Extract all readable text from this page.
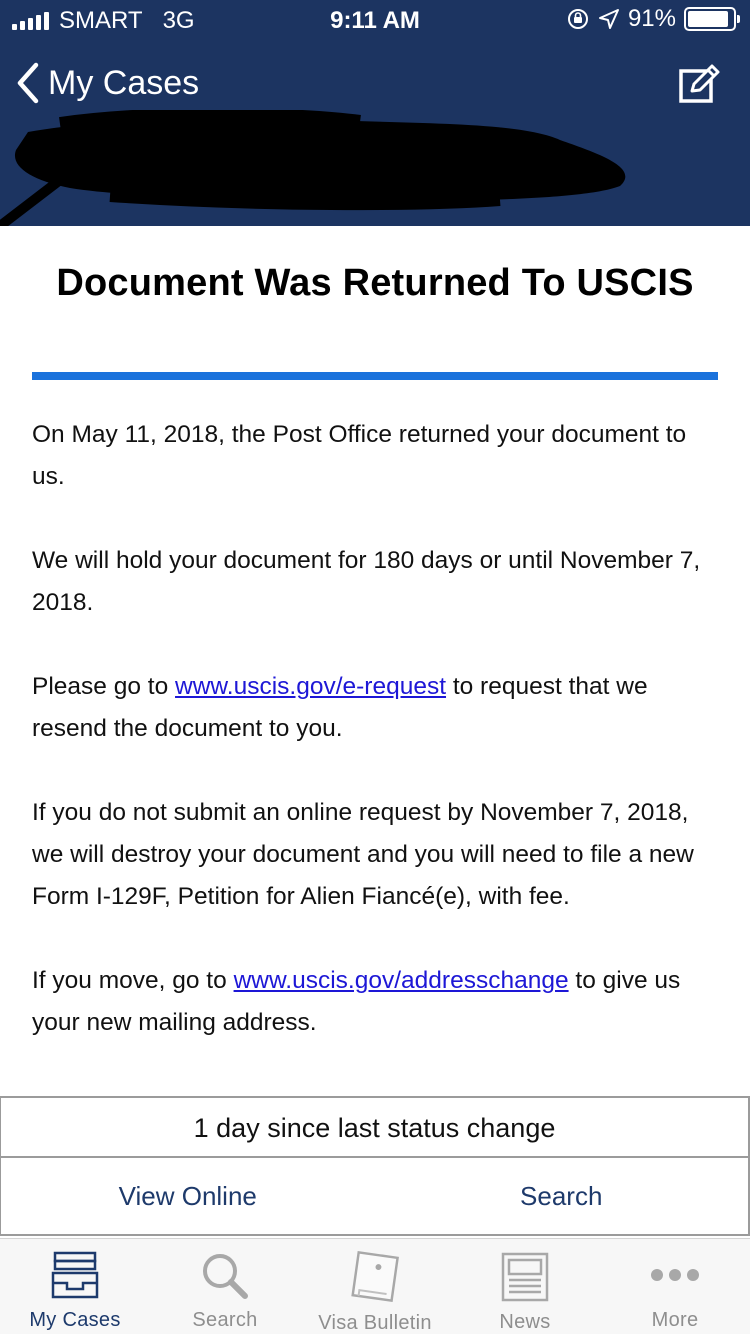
SMART 3G	9:11 AM	91%
My Cases
Document Was Returned To USCIS

On May 11, 2018, the Post Office returned your document to us.

We will hold your document for 180 days or until November 7, 2018.

Please go to www.uscis.gov/e-request to request that we resend the document to you.

If you do not submit an online request by November 7, 2018, we will destroy your document and you will need to file a new Form I-129F, Petition for Alien Fiancé(e), with fee.

If you move, go to www.uscis.gov/addresschange to give us your new mailing address.

1 day since last status change
View Online	Search
My Cases	Search	Visa Bulletin	News	More
